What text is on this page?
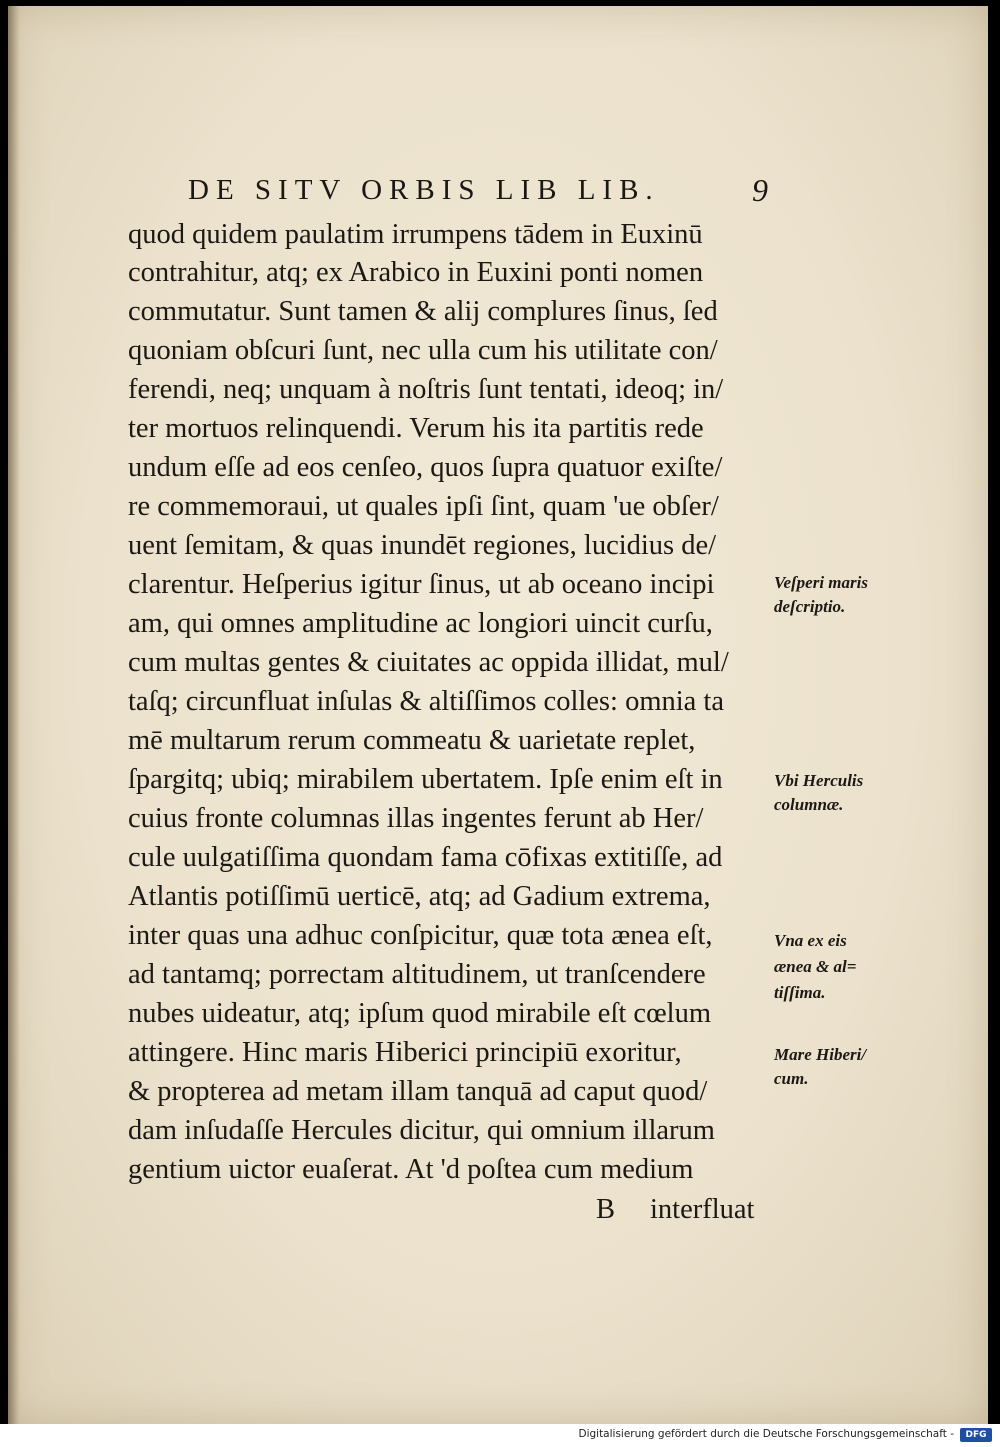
DE SITV ORBIS LIB LIB.	9
quod quidem paulatim irrumpens tādem in Euxinū
contrahitur, atq; ex Arabico in Euxini ponti nomen
commutatur. Sunt tamen & alij complures ſinus, ſed
quoniam obſcuri ſunt, nec ulla cum his utilitate con/
ferendi, neq; unquam à noſtris ſunt tentati, ideoq; in/
ter mortuos relinquendi. Verum his ita partitis rede
undum eſſe ad eos cenſeo, quos ſupra quatuor exiſte/
re commemoraui, ut quales ipſi ſint, quam 'ue obſer/
uent ſemitam, & quas inundēt regiones, lucidius de/
clarentur. Heſperius igitur ſinus, ut ab oceano incipi
am, qui omnes amplitudine ac longiori uincit curſu,
cum multas gentes & ciuitates ac oppida illidat, mul/
taſq; circunfluat inſulas & altiſſimos colles: omnia ta
mē multarum rerum commeatu & uarietate replet,
ſpargitq; ubiq; mirabilem ubertatem. Ipſe enim eſt in
cuius fronte columnas illas ingentes ferunt ab Her/
cule uulgatiſſima quondam fama cōfixas extitiſſe, ad
Atlantis potiſſimū uerticē, atq; ad Gadium extrema,
inter quas una adhuc conſpicitur, quæ tota ænea eſt,
ad tantamq; porrectam altitudinem, ut tranſcendere
nubes uideatur, atq; ipſum quod mirabile eſt cœlum
attingere. Hinc maris Hiberici principiū exoritur,
& propterea ad metam illam tanquā ad caput quod/
dam inſudaſſe Hercules dicitur, qui omnium illarum
gentium uictor euaſerat. At 'd poſtea cum medium
B interfluat
Veſperi maris
deſcriptio.
Vbi Herculis
columnæ.
Vna ex eis
ænea & al=
tiſſima.
Mare Hiberi/
cum.
Digitalisierung gefördert durch die Deutsche Forschungsgemeinschaft -	DFG
